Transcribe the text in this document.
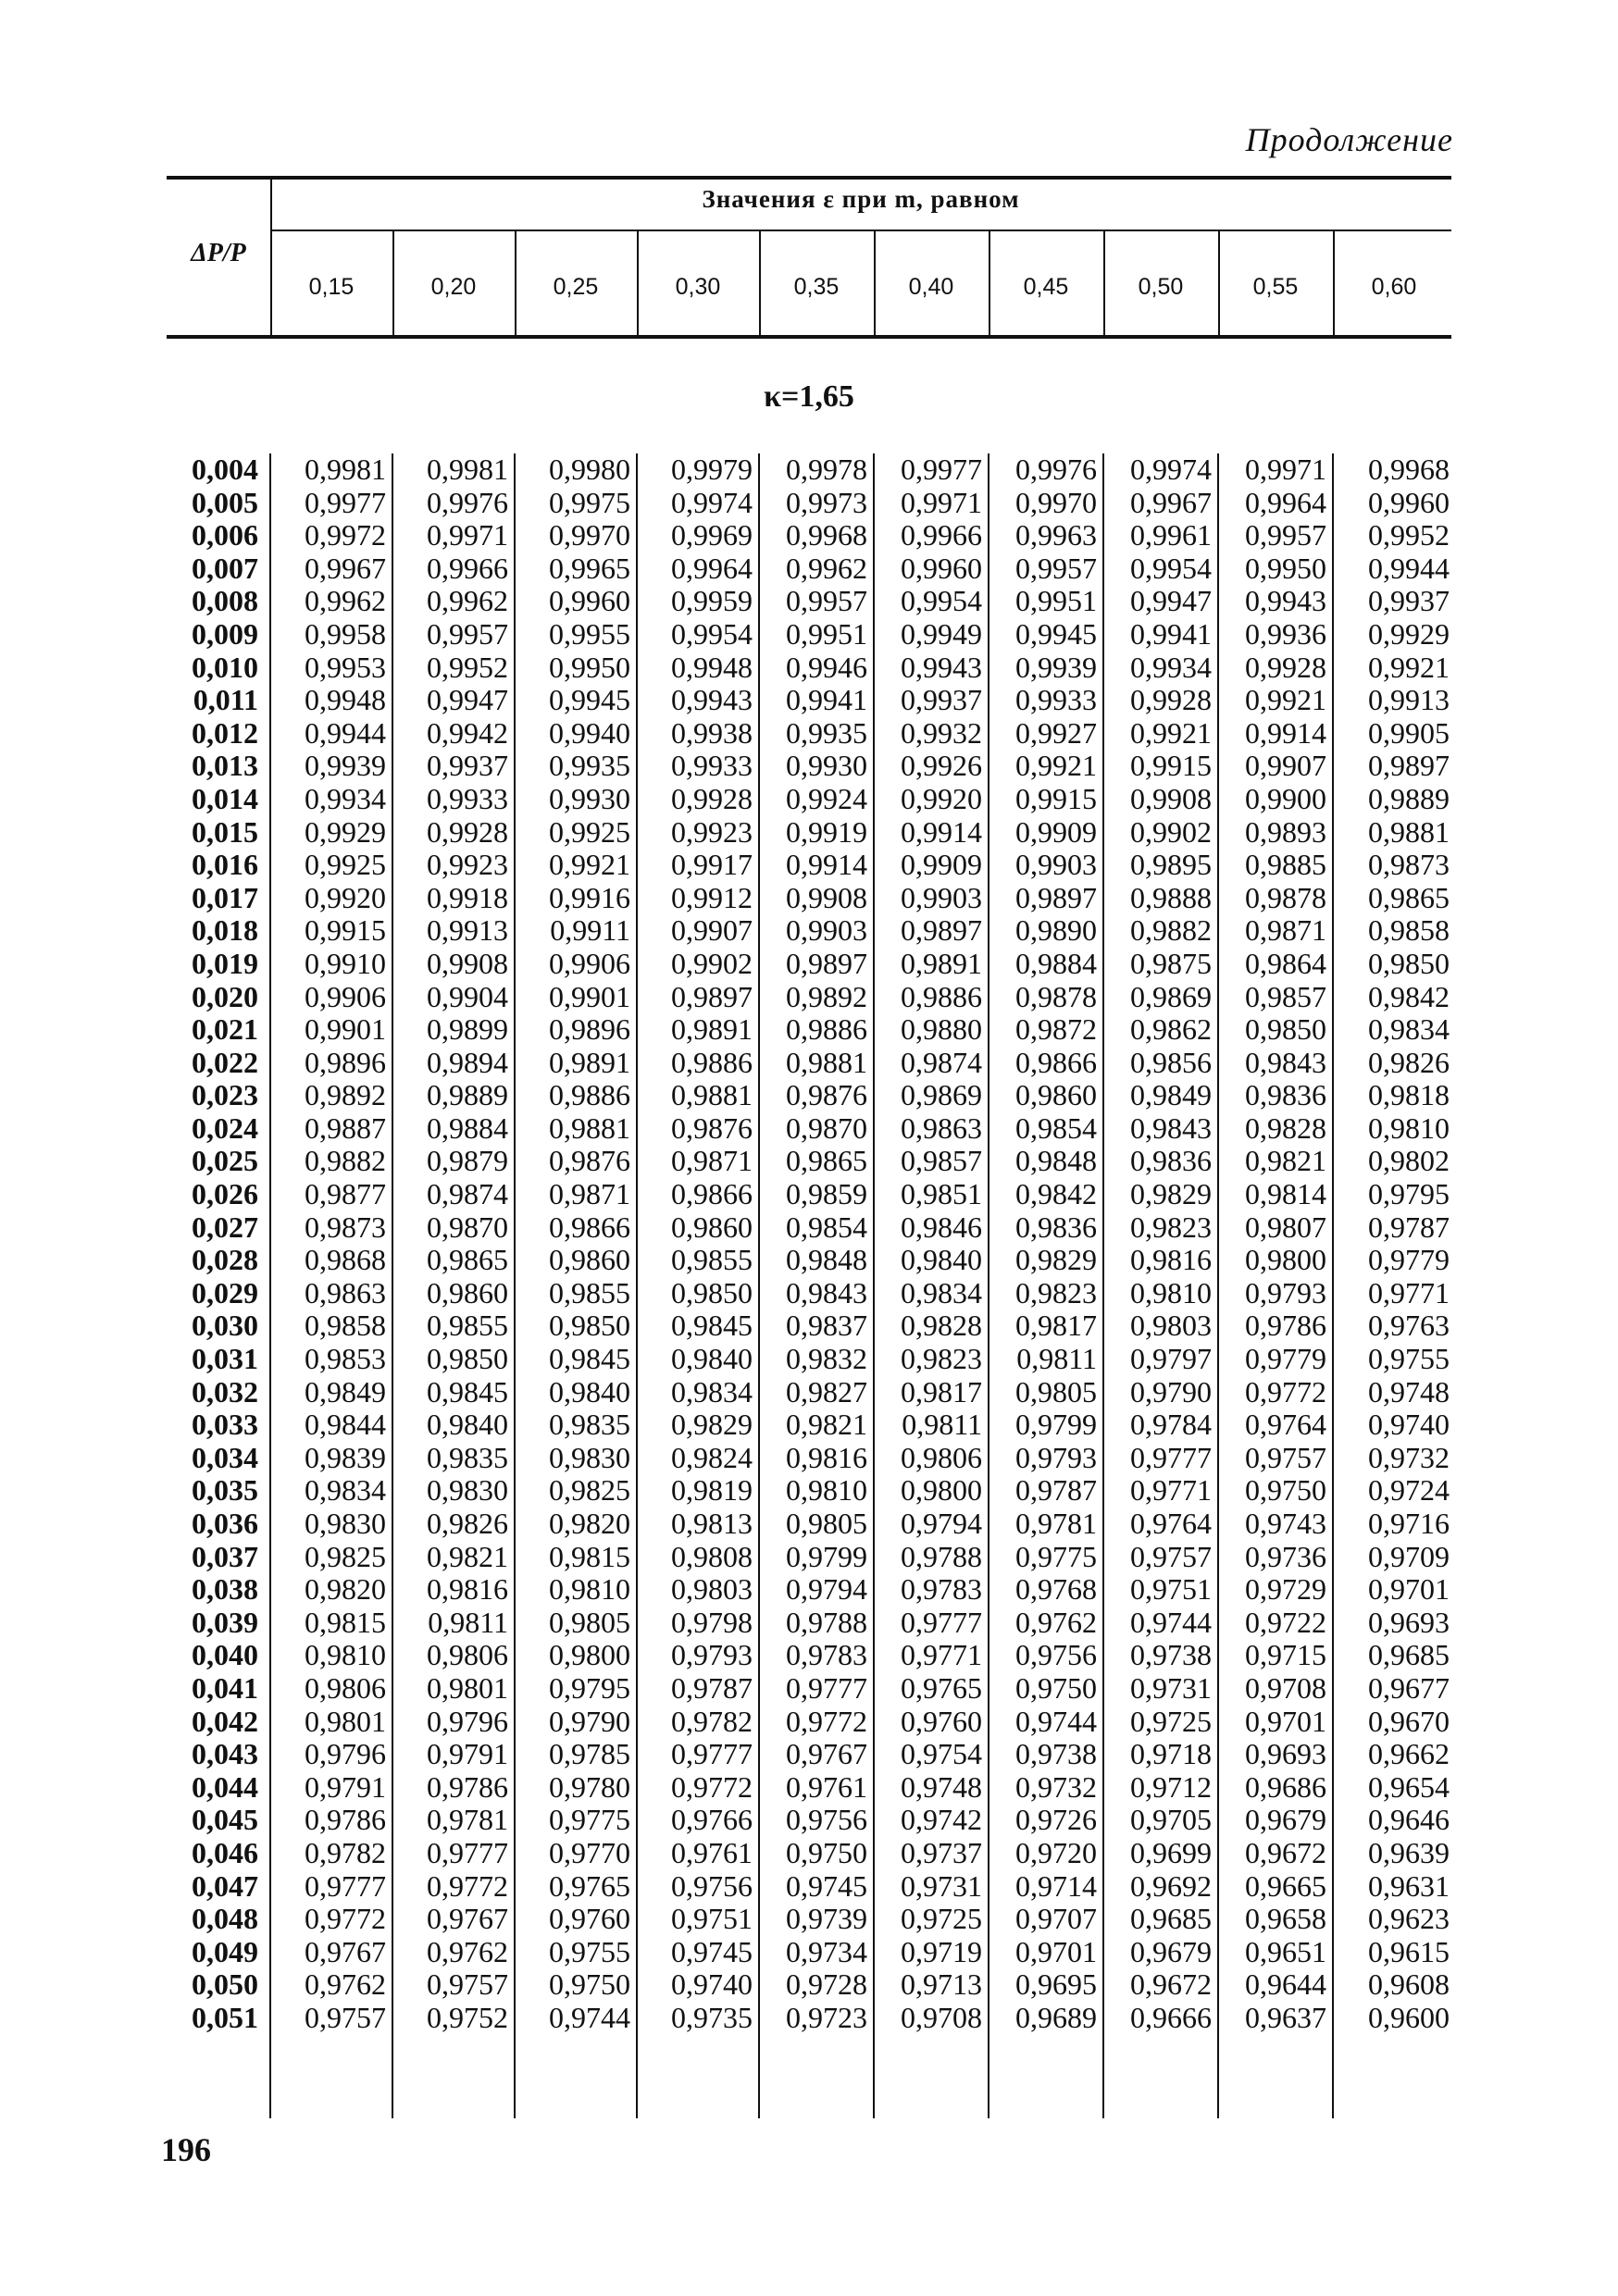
Продолжение
ΔP/P
Значения ε при m, равном
0,15	0,20	0,25	0,30	0,35	0,40	0,45	0,50	0,55	0,60
κ=1,65
0,004	0,9981	0,9981	0,9980	0,9979	0,9978	0,9977	0,9976	0,9974	0,9971	0,9968
0,005	0,9977	0,9976	0,9975	0,9974	0,9973	0,9971	0,9970	0,9967	0,9964	0,9960
0,006	0,9972	0,9971	0,9970	0,9969	0,9968	0,9966	0,9963	0,9961	0,9957	0,9952
0,007	0,9967	0,9966	0,9965	0,9964	0,9962	0,9960	0,9957	0,9954	0,9950	0,9944
0,008	0,9962	0,9962	0,9960	0,9959	0,9957	0,9954	0,9951	0,9947	0,9943	0,9937
0,009	0,9958	0,9957	0,9955	0,9954	0,9951	0,9949	0,9945	0,9941	0,9936	0,9929
0,010	0,9953	0,9952	0,9950	0,9948	0,9946	0,9943	0,9939	0,9934	0,9928	0,9921
0,011	0,9948	0,9947	0,9945	0,9943	0,9941	0,9937	0,9933	0,9928	0,9921	0,9913
0,012	0,9944	0,9942	0,9940	0,9938	0,9935	0,9932	0,9927	0,9921	0,9914	0,9905
0,013	0,9939	0,9937	0,9935	0,9933	0,9930	0,9926	0,9921	0,9915	0,9907	0,9897
0,014	0,9934	0,9933	0,9930	0,9928	0,9924	0,9920	0,9915	0,9908	0,9900	0,9889
0,015	0,9929	0,9928	0,9925	0,9923	0,9919	0,9914	0,9909	0,9902	0,9893	0,9881
0,016	0,9925	0,9923	0,9921	0,9917	0,9914	0,9909	0,9903	0,9895	0,9885	0,9873
0,017	0,9920	0,9918	0,9916	0,9912	0,9908	0,9903	0,9897	0,9888	0,9878	0,9865
0,018	0,9915	0,9913	0,9911	0,9907	0,9903	0,9897	0,9890	0,9882	0,9871	0,9858
0,019	0,9910	0,9908	0,9906	0,9902	0,9897	0,9891	0,9884	0,9875	0,9864	0,9850
0,020	0,9906	0,9904	0,9901	0,9897	0,9892	0,9886	0,9878	0,9869	0,9857	0,9842
0,021	0,9901	0,9899	0,9896	0,9891	0,9886	0,9880	0,9872	0,9862	0,9850	0,9834
0,022	0,9896	0,9894	0,9891	0,9886	0,9881	0,9874	0,9866	0,9856	0,9843	0,9826
0,023	0,9892	0,9889	0,9886	0,9881	0,9876	0,9869	0,9860	0,9849	0,9836	0,9818
0,024	0,9887	0,9884	0,9881	0,9876	0,9870	0,9863	0,9854	0,9843	0,9828	0,9810
0,025	0,9882	0,9879	0,9876	0,9871	0,9865	0,9857	0,9848	0,9836	0,9821	0,9802
0,026	0,9877	0,9874	0,9871	0,9866	0,9859	0,9851	0,9842	0,9829	0,9814	0,9795
0,027	0,9873	0,9870	0,9866	0,9860	0,9854	0,9846	0,9836	0,9823	0,9807	0,9787
0,028	0,9868	0,9865	0,9860	0,9855	0,9848	0,9840	0,9829	0,9816	0,9800	0,9779
0,029	0,9863	0,9860	0,9855	0,9850	0,9843	0,9834	0,9823	0,9810	0,9793	0,9771
0,030	0,9858	0,9855	0,9850	0,9845	0,9837	0,9828	0,9817	0,9803	0,9786	0,9763
0,031	0,9853	0,9850	0,9845	0,9840	0,9832	0,9823	0,9811	0,9797	0,9779	0,9755
0,032	0,9849	0,9845	0,9840	0,9834	0,9827	0,9817	0,9805	0,9790	0,9772	0,9748
0,033	0,9844	0,9840	0,9835	0,9829	0,9821	0,9811	0,9799	0,9784	0,9764	0,9740
0,034	0,9839	0,9835	0,9830	0,9824	0,9816	0,9806	0,9793	0,9777	0,9757	0,9732
0,035	0,9834	0,9830	0,9825	0,9819	0,9810	0,9800	0,9787	0,9771	0,9750	0,9724
0,036	0,9830	0,9826	0,9820	0,9813	0,9805	0,9794	0,9781	0,9764	0,9743	0,9716
0,037	0,9825	0,9821	0,9815	0,9808	0,9799	0,9788	0,9775	0,9757	0,9736	0,9709
0,038	0,9820	0,9816	0,9810	0,9803	0,9794	0,9783	0,9768	0,9751	0,9729	0,9701
0,039	0,9815	0,9811	0,9805	0,9798	0,9788	0,9777	0,9762	0,9744	0,9722	0,9693
0,040	0,9810	0,9806	0,9800	0,9793	0,9783	0,9771	0,9756	0,9738	0,9715	0,9685
0,041	0,9806	0,9801	0,9795	0,9787	0,9777	0,9765	0,9750	0,9731	0,9708	0,9677
0,042	0,9801	0,9796	0,9790	0,9782	0,9772	0,9760	0,9744	0,9725	0,9701	0,9670
0,043	0,9796	0,9791	0,9785	0,9777	0,9767	0,9754	0,9738	0,9718	0,9693	0,9662
0,044	0,9791	0,9786	0,9780	0,9772	0,9761	0,9748	0,9732	0,9712	0,9686	0,9654
0,045	0,9786	0,9781	0,9775	0,9766	0,9756	0,9742	0,9726	0,9705	0,9679	0,9646
0,046	0,9782	0,9777	0,9770	0,9761	0,9750	0,9737	0,9720	0,9699	0,9672	0,9639
0,047	0,9777	0,9772	0,9765	0,9756	0,9745	0,9731	0,9714	0,9692	0,9665	0,9631
0,048	0,9772	0,9767	0,9760	0,9751	0,9739	0,9725	0,9707	0,9685	0,9658	0,9623
0,049	0,9767	0,9762	0,9755	0,9745	0,9734	0,9719	0,9701	0,9679	0,9651	0,9615
0,050	0,9762	0,9757	0,9750	0,9740	0,9728	0,9713	0,9695	0,9672	0,9644	0,9608
0,051	0,9757	0,9752	0,9744	0,9735	0,9723	0,9708	0,9689	0,9666	0,9637	0,9600

196
